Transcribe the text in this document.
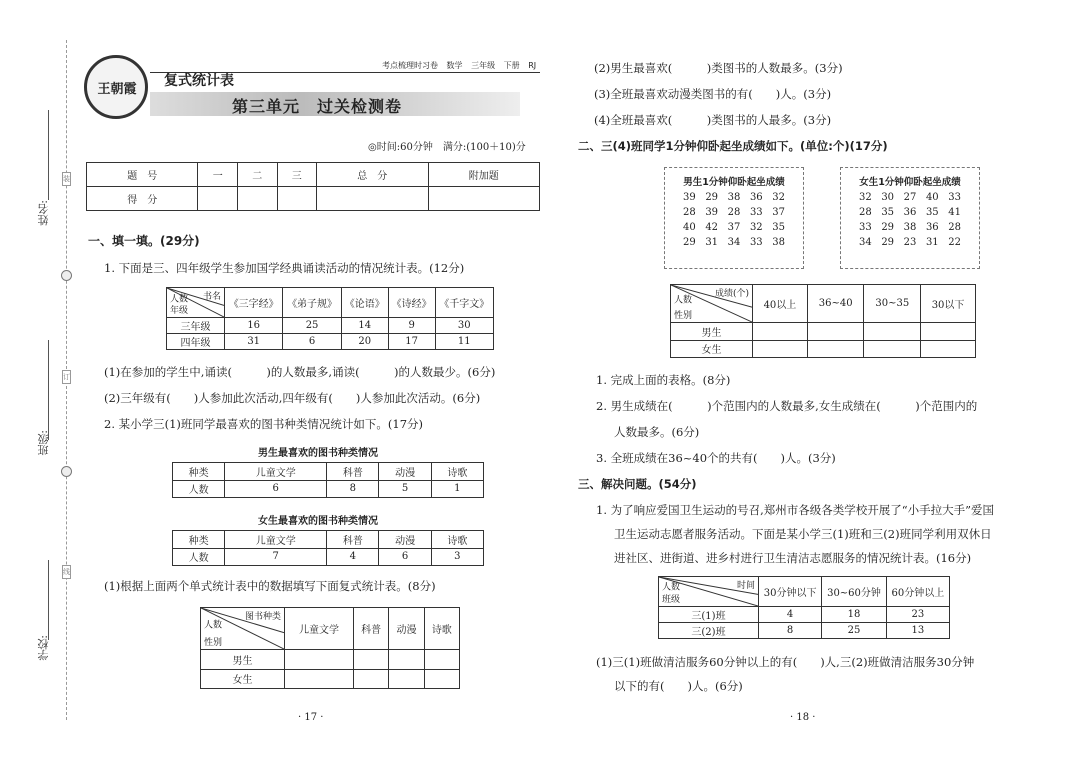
姓名:
班级:
学校:
装
订
线
王朝霞
考点梳理时习卷 数学 三年级 下册 RJ
复式统计表
第三单元　过关检测卷
◎时间:60分钟　满分:(100＋10)分
题　号	一	二	三	总　分	附加题
得　分					
一、填一填。(29分)
1. 下面是三、四年级学生参加国学经典诵读活动的情况统计表。(12分)
书名
人数
年级	《三字经》	《弟子规》	《论语》	《诗经》	《千字文》
三年级	16	25	14	9	30
四年级	31	6	20	17	11
(1)在参加的学生中,诵读(　　　)的人数最多,诵读(　　　)的人数最少。(6分)
(2)三年级有(　　)人参加此次活动,四年级有(　　)人参加此次活动。(6分)
2. 某小学三(1)班同学最喜欢的图书种类情况统计如下。(17分)
男生最喜欢的图书种类情况
种类	儿童文学	科普	动漫	诗歌
人数	6	8	5	1
女生最喜欢的图书种类情况
种类	儿童文学	科普	动漫	诗歌
人数	7	4	6	3
(1)根据上面两个单式统计表中的数据填写下面复式统计表。(8分)
图书种类
人数
性别	儿童文学	科普	动漫	诗歌
男生				
女生				
· 17 ·
(2)男生最喜欢(　　　)类图书的人数最多。(3分)
(3)全班最喜欢动漫类图书的有(　　)人。(3分)
(4)全班最喜欢(　　　)类图书的人最多。(3分)
二、三(4)班同学1分钟仰卧起坐成绩如下。(单位:个)(17分)
男生1分钟仰卧起坐成绩
39 29 38 36 32
28 39 28 33 37
40 42 37 32 35
29 31 34 33 38
女生1分钟仰卧起坐成绩
32 30 27 40 33
28 35 36 35 41
33 29 38 36 28
34 29 23 31 22
成绩(个)
人数
性别	40以上	36~40	30~35	30以下
男生				
女生				
1. 完成上面的表格。(8分)
2. 男生成绩在(　　　)个范围内的人数最多,女生成绩在(　　　)个范围内的
人数最多。(6分)
3. 全班成绩在36~40个的共有(　　)人。(3分)
三、解决问题。(54分)
1. 为了响应爱国卫生运动的号召,郑州市各级各类学校开展了“小手拉大手”爱国
卫生运动志愿者服务活动。下面是某小学三(1)班和三(2)班同学利用双休日
进社区、进街道、进乡村进行卫生清洁志愿服务的情况统计表。(16分)
时间
人数
班级	30分钟以下	30~60分钟	60分钟以上
三(1)班	4	18	23
三(2)班	8	25	13
(1)三(1)班做清洁服务60分钟以上的有(　　)人,三(2)班做清洁服务30分钟
以下的有(　　)人。(6分)
· 18 ·
